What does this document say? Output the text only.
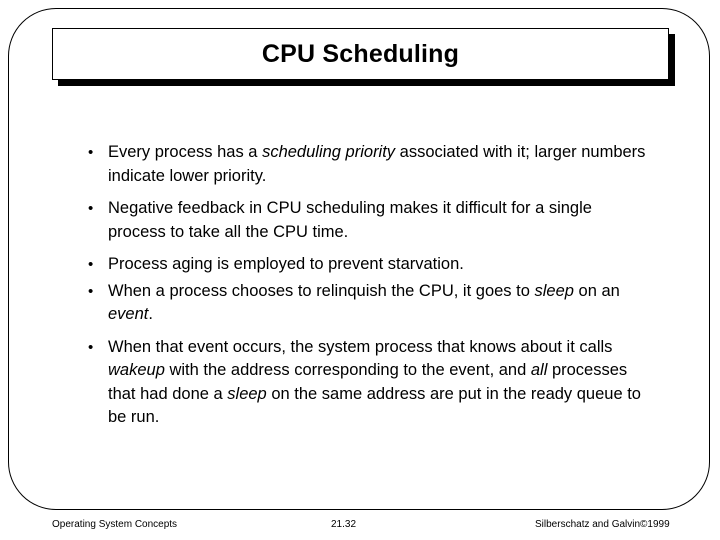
CPU Scheduling
• Every process has a scheduling priority associated with it; larger numbers indicate lower priority.
• Negative feedback in CPU scheduling makes it difficult for a single process to take all the CPU time.
• Process aging is employed to prevent starvation.
• When a process chooses to relinquish the CPU, it goes to sleep on an event.
• When that event occurs, the system process that knows about it calls wakeup with the address corresponding to the event, and all processes that had done a sleep on the same address are put in the ready queue to be run.
Operating System Concepts	21.32	Silberschatz and Galvin©1999
